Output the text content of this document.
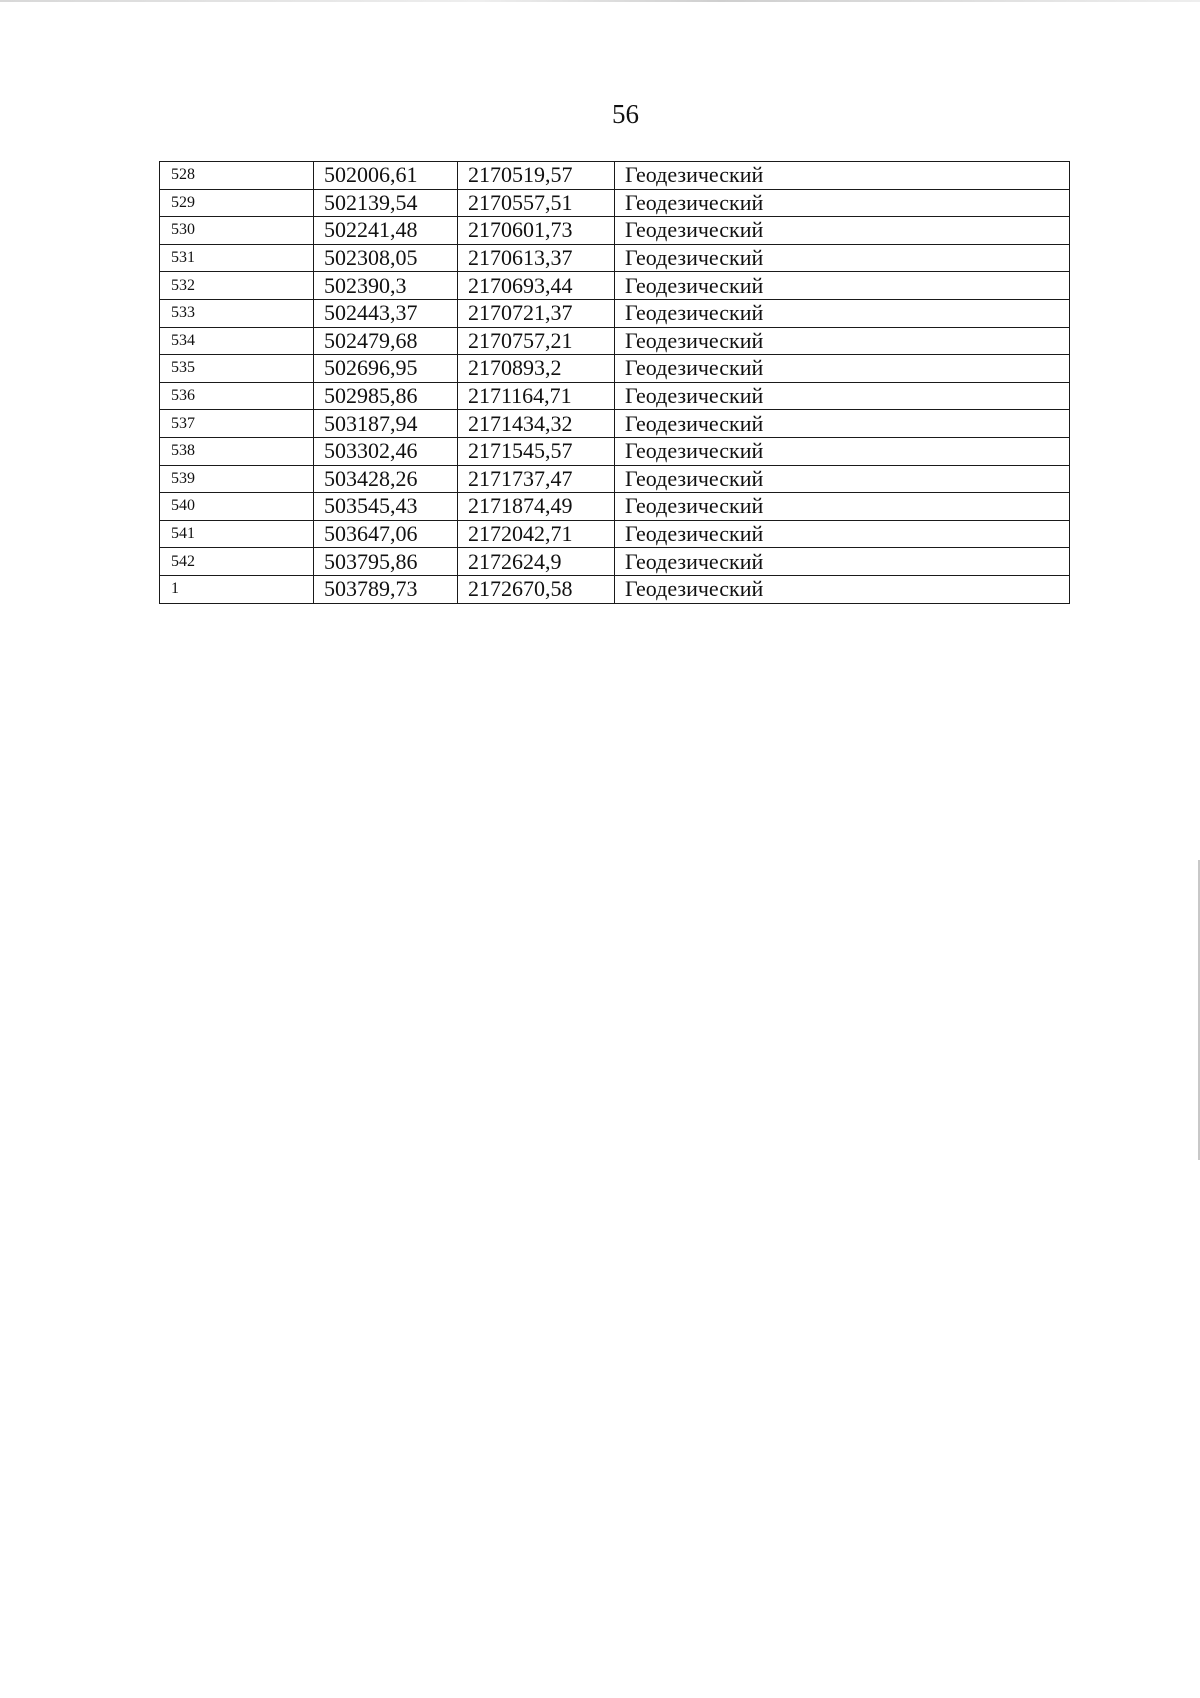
56
528	502006,61	2170519,57	Геодезический
529	502139,54	2170557,51	Геодезический
530	502241,48	2170601,73	Геодезический
531	502308,05	2170613,37	Геодезический
532	502390,3	2170693,44	Геодезический
533	502443,37	2170721,37	Геодезический
534	502479,68	2170757,21	Геодезический
535	502696,95	2170893,2	Геодезический
536	502985,86	2171164,71	Геодезический
537	503187,94	2171434,32	Геодезический
538	503302,46	2171545,57	Геодезический
539	503428,26	2171737,47	Геодезический
540	503545,43	2171874,49	Геодезический
541	503647,06	2172042,71	Геодезический
542	503795,86	2172624,9	Геодезический
1	503789,73	2172670,58	Геодезический
